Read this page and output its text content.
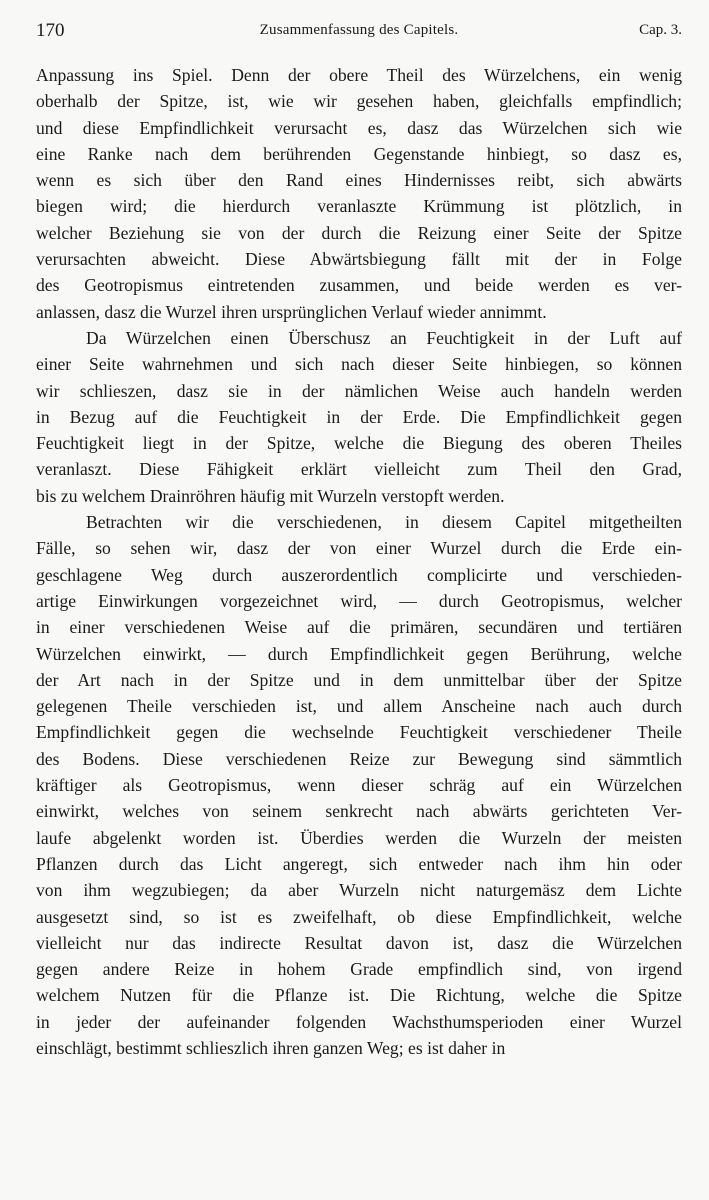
170	Zusammenfassung des Capitels.	Cap. 3.
Anpassung ins Spiel. Denn der obere Theil des Würzelchens, ein wenig
oberhalb der Spitze, ist, wie wir gesehen haben, gleichfalls empfindlich;
und diese Empfindlichkeit verursacht es, dasz das Würzelchen sich wie
eine Ranke nach dem berührenden Gegenstande hinbiegt, so dasz es,
wenn es sich über den Rand eines Hindernisses reibt, sich abwärts
biegen wird; die hierdurch veranlaszte Krümmung ist plötzlich, in
welcher Beziehung sie von der durch die Reizung einer Seite der Spitze
verursachten abweicht. Diese Abwärtsbiegung fällt mit der in Folge
des Geotropismus eintretenden zusammen, und beide werden es ver-
anlassen, dasz die Wurzel ihren ursprünglichen Verlauf wieder annimmt.
Da Würzelchen einen Überschusz an Feuchtigkeit in der Luft auf
einer Seite wahrnehmen und sich nach dieser Seite hinbiegen, so können
wir schlieszen, dasz sie in der nämlichen Weise auch handeln werden
in Bezug auf die Feuchtigkeit in der Erde. Die Empfindlichkeit gegen
Feuchtigkeit liegt in der Spitze, welche die Biegung des oberen Theiles
veranlaszt. Diese Fähigkeit erklärt vielleicht zum Theil den Grad,
bis zu welchem Drainröhren häufig mit Wurzeln verstopft werden.
Betrachten wir die verschiedenen, in diesem Capitel mitgetheilten
Fälle, so sehen wir, dasz der von einer Wurzel durch die Erde ein-
geschlagene Weg durch auszerordentlich complicirte und verschieden-
artige Einwirkungen vorgezeichnet wird, — durch Geotropismus, welcher
in einer verschiedenen Weise auf die primären, secundären und tertiären
Würzelchen einwirkt, — durch Empfindlichkeit gegen Berührung, welche
der Art nach in der Spitze und in dem unmittelbar über der Spitze
gelegenen Theile verschieden ist, und allem Anscheine nach auch durch
Empfindlichkeit gegen die wechselnde Feuchtigkeit verschiedener Theile
des Bodens. Diese verschiedenen Reize zur Bewegung sind sämmtlich
kräftiger als Geotropismus, wenn dieser schräg auf ein Würzelchen
einwirkt, welches von seinem senkrecht nach abwärts gerichteten Ver-
laufe abgelenkt worden ist. Überdies werden die Wurzeln der meisten
Pflanzen durch das Licht angeregt, sich entweder nach ihm hin oder
von ihm wegzubiegen; da aber Wurzeln nicht naturgemäsz dem Lichte
ausgesetzt sind, so ist es zweifelhaft, ob diese Empfindlichkeit, welche
vielleicht nur das indirecte Resultat davon ist, dasz die Würzelchen
gegen andere Reize in hohem Grade empfindlich sind, von irgend
welchem Nutzen für die Pflanze ist. Die Richtung, welche die Spitze
in jeder der aufeinander folgenden Wachsthumsperioden einer Wurzel
einschlägt, bestimmt schlieszlich ihren ganzen Weg; es ist daher in
